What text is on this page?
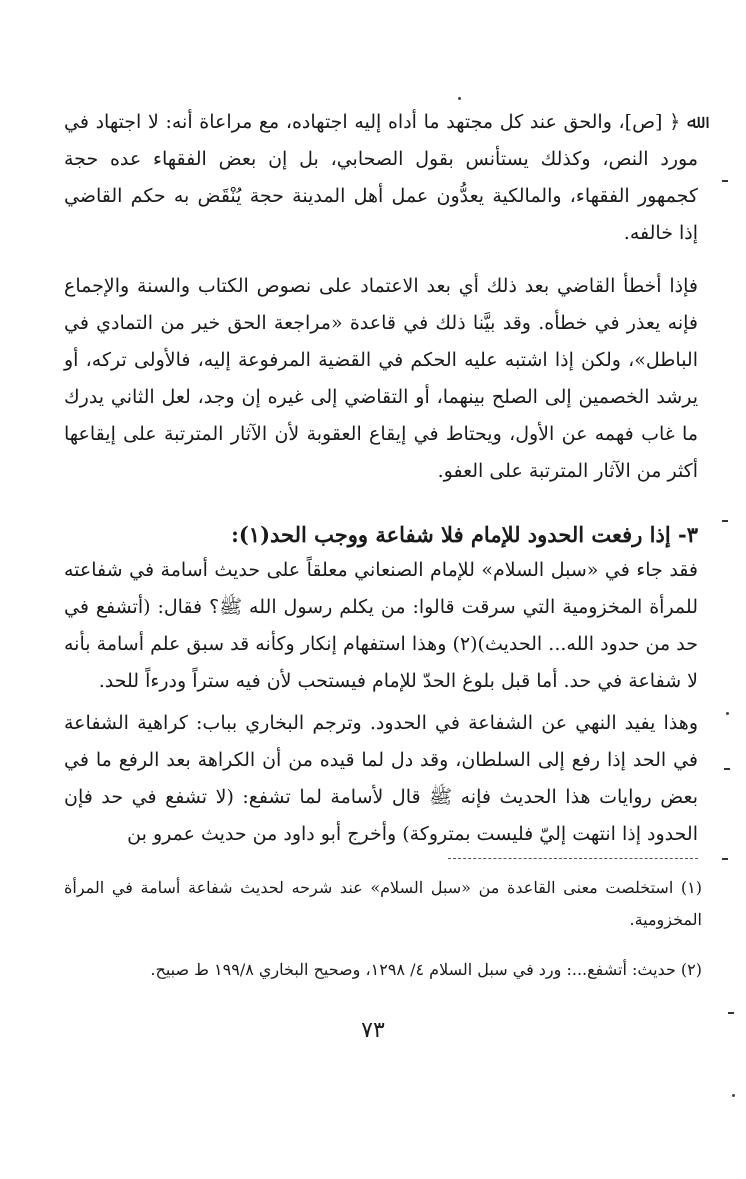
ﷲ ﴿ [ص]، والحق عند كل مجتهد ما أداه إليه اجتهاده، مع مراعاة أنه: لا اجتهاد في مورد النص، وكذلك يستأنس بقول الصحابي، بل إن بعض الفقهاء عده حجة كجمهور الفقهاء، والمالكية يعدُّون عمل أهل المدينة حجة يُنْقَض به حكم القاضي إذا خالفه.

فإذا أخطأ القاضي بعد ذلك أي بعد الاعتماد على نصوص الكتاب والسنة والإجماع فإنه يعذر في خطأه. وقد بيَّنا ذلك في قاعدة «مراجعة الحق خير من التمادي في الباطل»، ولكن إذا اشتبه عليه الحكم في القضية المرفوعة إليه، فالأولى تركه، أو يرشد الخصمين إلى الصلح بينهما، أو التقاضي إلى غيره إن وجد، لعل الثاني يدرك ما غاب فهمه عن الأول، ويحتاط في إيقاع العقوبة لأن الآثار المترتبة على إيقاعها أكثر من الآثار المترتبة على العفو.

٣- إذا رفعت الحدود للإمام فلا شفاعة ووجب الحد(١):

فقد جاء في «سبل السلام» للإمام الصنعاني معلقاً على حديث أسامة في شفاعته للمرأة المخزومية التي سرقت قالوا: من يكلم رسول الله ﷺ؟ فقال: (أتشفع في حد من حدود الله... الحديث)(٢) وهذا استفهام إنكار وكأنه قد سبق علم أسامة بأنه لا شفاعة في حد. أما قبل بلوغ الحدّ للإمام فيستحب لأن فيه ستراً ودرءاً للحد.

وهذا يفيد النهي عن الشفاعة في الحدود. وترجم البخاري بباب: كراهية الشفاعة في الحد إذا رفع إلى السلطان، وقد دل لما قيده من أن الكراهة بعد الرفع ما في بعض روايات هذا الحديث فإنه ﷺ قال لأسامة لما تشفع: (لا تشفع في حد فإن الحدود إذا انتهت إليّ فليست بمتروكة) وأخرج أبو داود من حديث عمرو بن

(١) استخلصت معنى القاعدة من «سبل السلام» عند شرحه لحديث شفاعة أسامة في المرأة المخزومية.

(٢) حديث: أتشفع...: ورد في سبل السلام ٤/ ١٢٩٨، وصحيح البخاري ١٩٩/٨ ط صبيح.

٧٣
